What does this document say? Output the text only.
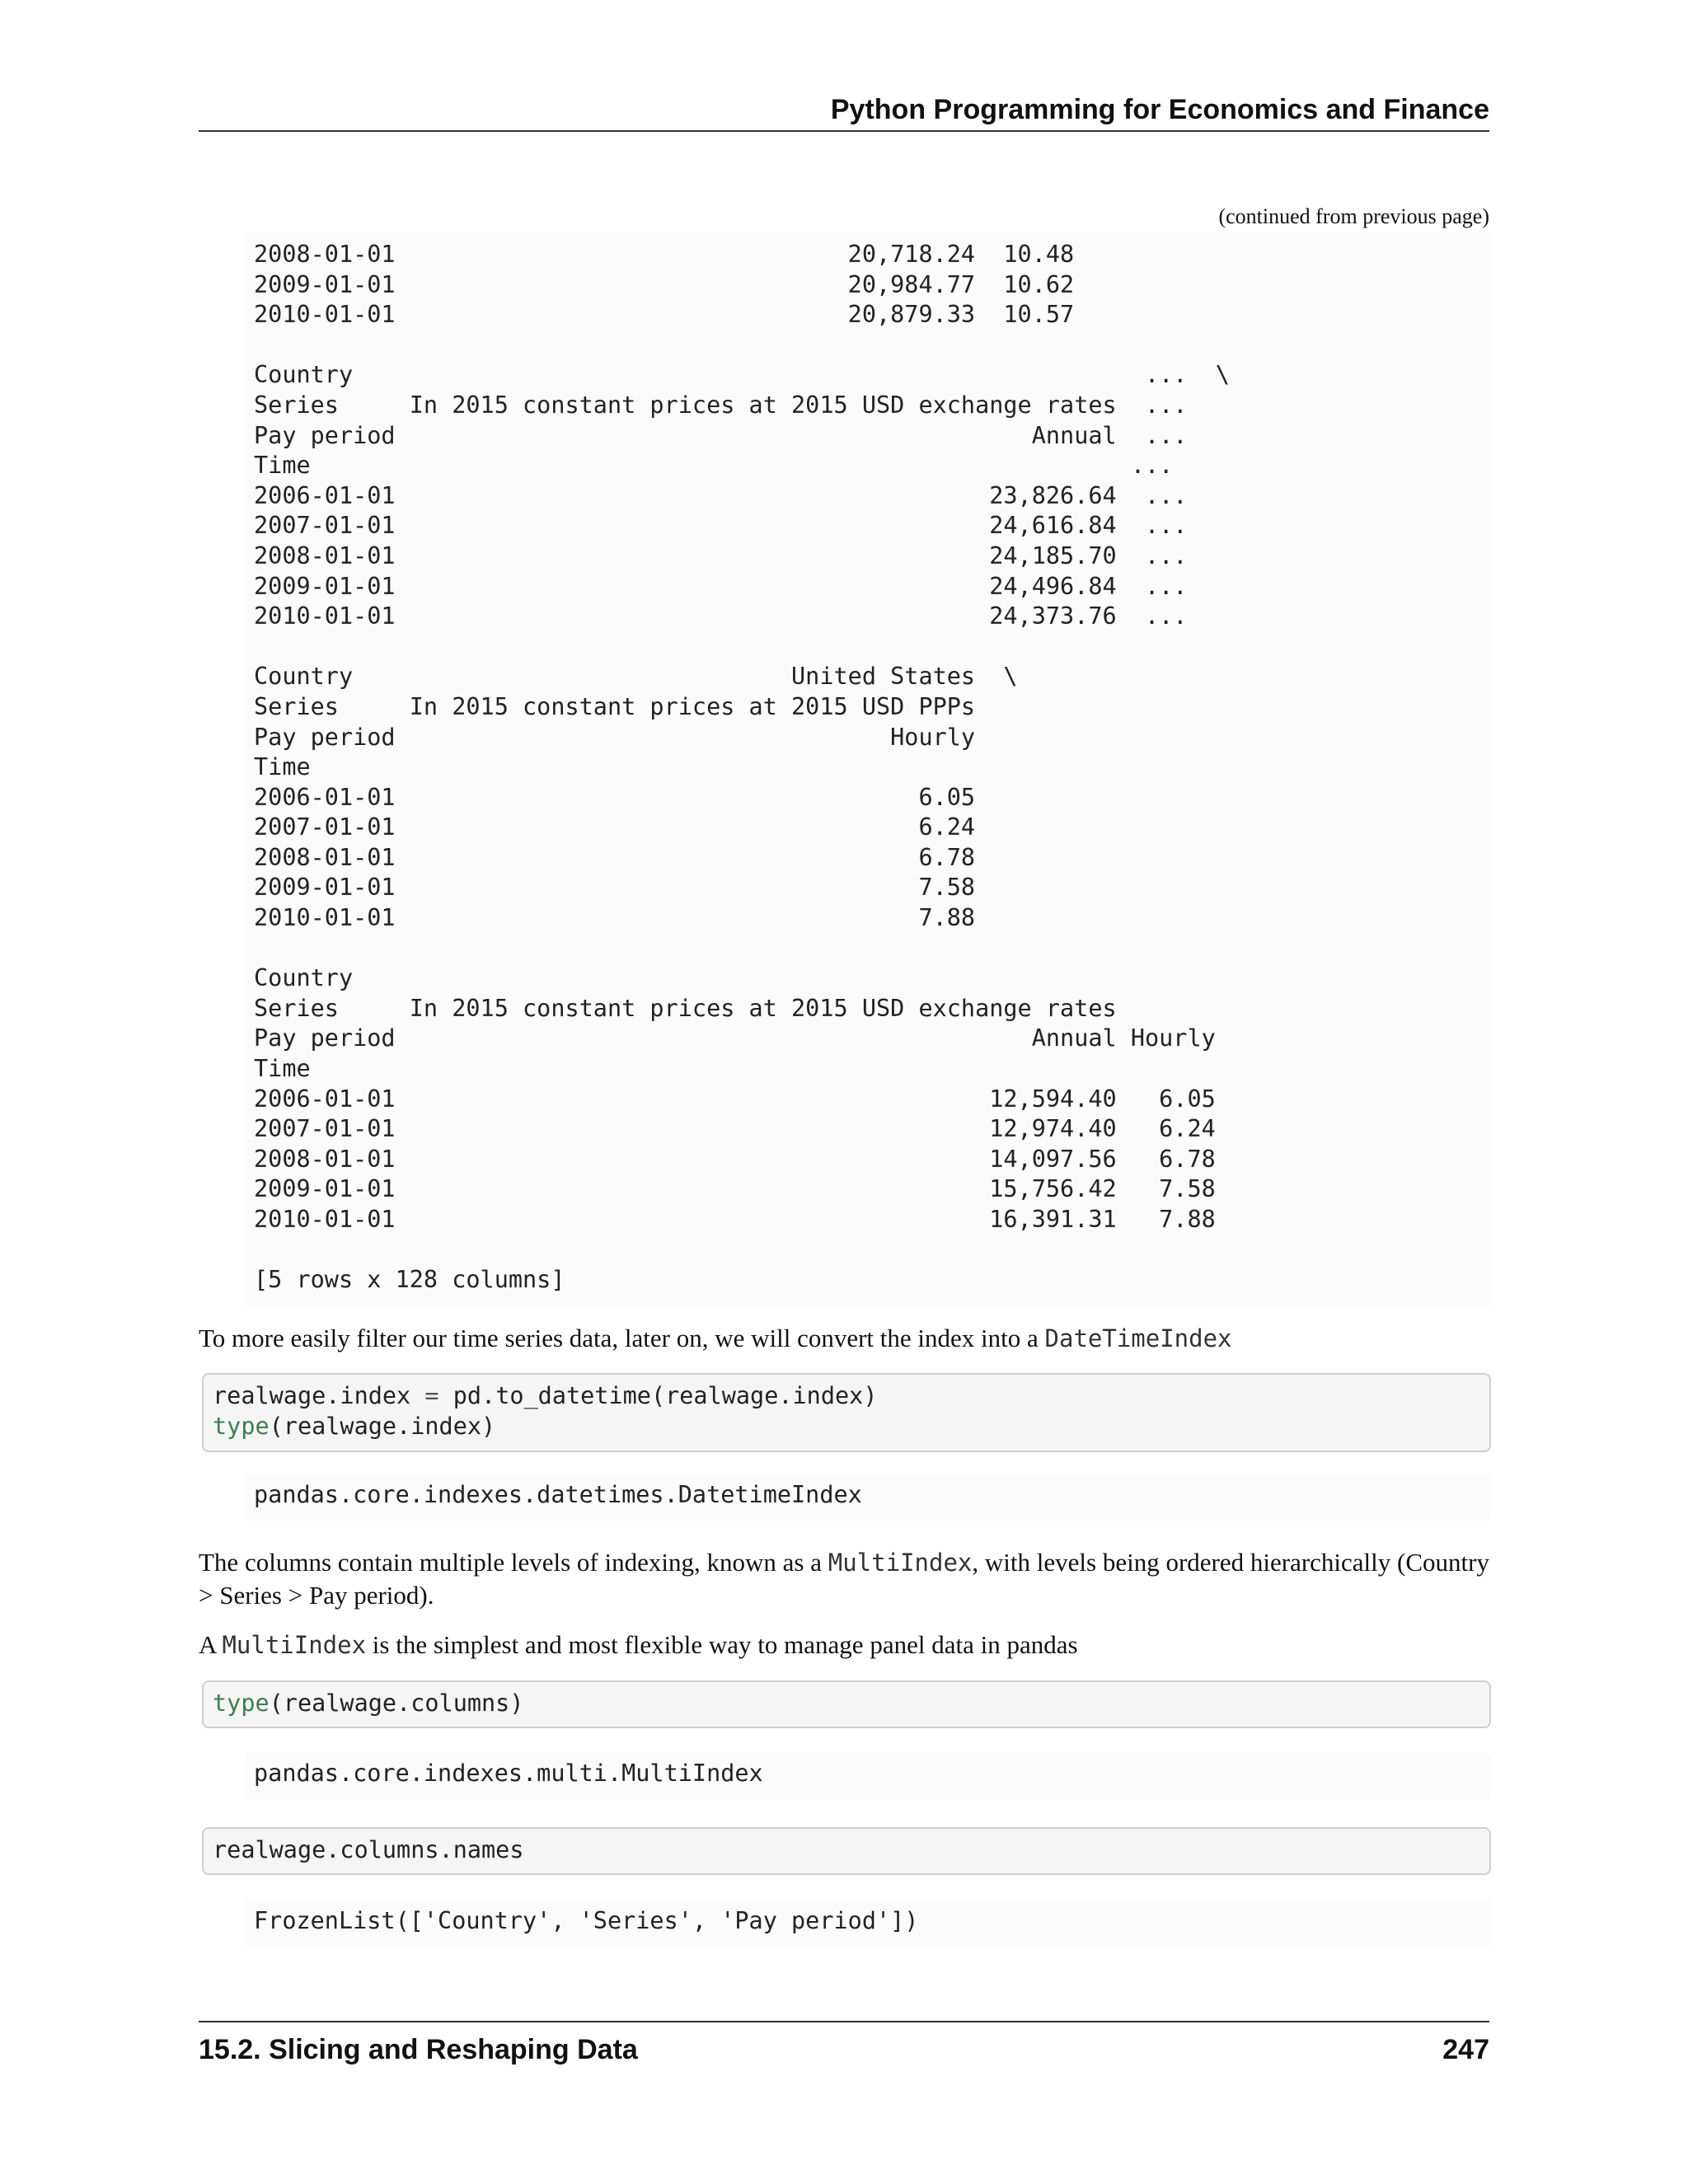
Python Programming for Economics and Finance
(continued from previous page)
2008-01-01                                20,718.24  10.48
2009-01-01                                20,984.77  10.62
2010-01-01                                20,879.33  10.57

Country                                                        ...  \
Series     In 2015 constant prices at 2015 USD exchange rates  ...
Pay period                                             Annual  ...
Time                                                          ...
2006-01-01                                          23,826.64  ...
2007-01-01                                          24,616.84  ...
2008-01-01                                          24,185.70  ...
2009-01-01                                          24,496.84  ...
2010-01-01                                          24,373.76  ...

Country                               United States  \
Series     In 2015 constant prices at 2015 USD PPPs
Pay period                                   Hourly
Time
2006-01-01                                     6.05
2007-01-01                                     6.24
2008-01-01                                     6.78
2009-01-01                                     7.58
2010-01-01                                     7.88

Country
Series     In 2015 constant prices at 2015 USD exchange rates
Pay period                                             Annual Hourly
Time
2006-01-01                                          12,594.40   6.05
2007-01-01                                          12,974.40   6.24
2008-01-01                                          14,097.56   6.78
2009-01-01                                          15,756.42   7.58
2010-01-01                                          16,391.31   7.88

[5 rows x 128 columns]
To more easily filter our time series data, later on, we will convert the index into a DateTimeIndex
realwage.index = pd.to_datetime(realwage.index)
type(realwage.index)
pandas.core.indexes.datetimes.DatetimeIndex
The columns contain multiple levels of indexing, known as a MultiIndex, with levels being ordered hierarchically (Country > Series > Pay period).
A MultiIndex is the simplest and most flexible way to manage panel data in pandas
type(realwage.columns)
pandas.core.indexes.multi.MultiIndex
realwage.columns.names
FrozenList(['Country', 'Series', 'Pay period'])
15.2. Slicing and Reshaping Data	247
